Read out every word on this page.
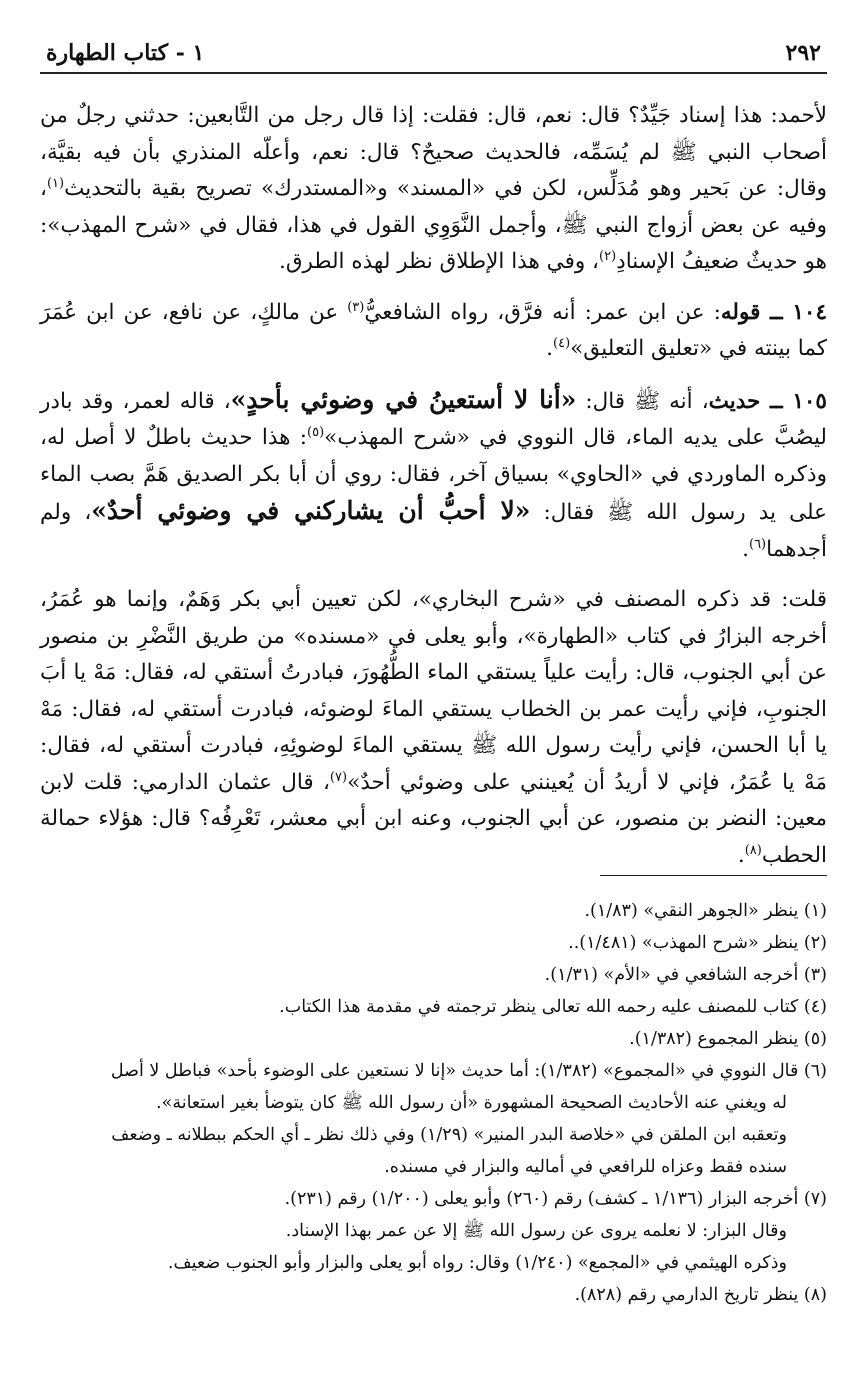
٢٩٢
١ - كتاب الطهارة

لأحمد: هذا إسناد جَيِّدٌ؟ قال: نعم، قال: فقلت: إذا قال رجل من التَّابعين: حدثني رجلٌ من أصحاب النبي ﷺ لم يُسَمِّه، فالحديث صحيحٌ؟ قال: نعم، وأعلّه المنذري بأن فيه بقيَّة، وقال: عن بَحير وهو مُدَلِّس، لكن في «المسند» و«المستدرك» تصريح بقية بالتحديث$^{(١)}$، وفيه عن بعض أزواج النبي ﷺ، وأجمل النَّوَوِي القول في هذا، فقال في «شرح المهذب»: هو حديثٌ ضعيفُ الإسنادِ$^{(٢)}$، وفي هذا الإطلاق نظر لهذه الطرق.

١٠٤ ــ قوله: عن ابن عمر: أنه فرَّق، رواه الشافعيُّ$^{(٣)}$ عن مالكٍ، عن نافع، عن ابن عُمَرَ كما بينته في «تعليق التعليق»$^{(٤)}$.

١٠٥ ــ حديث، أنه ﷺ قال: «أنا لا أستعينُ في وضوئي بأحدٍ»، قاله لعمر، وقد بادر ليصُبَّ على يديه الماء، قال النووي في «شرح المهذب»$^{(٥)}$: هذا حديث باطلٌ لا أصل له، وذكره الماوردي في «الحاوي» بسياق آخر، فقال: روي أن أبا بكر الصديق هَمَّ بصب الماء على يد رسول الله ﷺ فقال: «لا أحبُّ أن يشاركني في وضوئي أحدٌ»، ولم أجدهما$^{(٦)}$.

قلت: قد ذكره المصنف في «شرح البخاري»، لكن تعيين أبي بكر وَهَمٌ، وإنما هو عُمَرُ، أخرجه البزارُ في كتاب «الطهارة»، وأبو يعلى في «مسنده» من طريق النَّضْرِ بن منصور عن أبي الجنوب، قال: رأيت علياً يستقي الماء الطُّهُورَ، فبادرتُ أستقي له، فقال: مَهْ يا أبَ الجنوبِ، فإني رأيت عمر بن الخطاب يستقي الماءَ لوضوئه، فبادرت أستقي له، فقال: مَهْ يا أبا الحسن، فإني رأيت رسول الله ﷺ يستقي الماءَ لوضوئِهِ، فبادرت أستقي له، فقال: مَهْ يا عُمَرُ، فإني لا أريدُ أن يُعينني على وضوئي أحدٌ»$^{(٧)}$، قال عثمان الدارمي: قلت لابن معين: النضر بن منصور، عن أبي الجنوب، وعنه ابن أبي معشر، تَعْرِفُه؟ قال: هؤلاء حمالة الحطب$^{(٨)}$.

(١) ينظر «الجوهر النقي» (١/٨٣).

(٢) ينظر «شرح المهذب» (١/٤٨١)..

(٣) أخرجه الشافعي في «الأم» (١/٣١).

(٤) كتاب للمصنف عليه رحمه الله تعالى ينظر ترجمته في مقدمة هذا الكتاب.

(٥) ينظر المجموع (١/٣٨٢).

(٦) قال النووي في «المجموع» (١/٣٨٢): أما حديث «إنا لا نستعين على الوضوء بأحد» فباطل لا أصل

له ويغني عنه الأحاديث الصحيحة المشهورة «أن رسول الله ﷺ كان يتوضأ بغير استعانة».

وتعقبه ابن الملقن في «خلاصة البدر المنير» (١/٢٩) وفي ذلك نظر ـ أي الحكم ببطلانه ـ وضعف

سنده فقط وعزاه للرافعي في أماليه والبزار في مسنده.

(٧) أخرجه البزار (١/١٣٦ ـ كشف) رقم (٢٦٠) وأبو يعلى (١/٢٠٠) رقم (٢٣١).

وقال البزار: لا نعلمه يروى عن رسول الله ﷺ إلا عن عمر بهذا الإسناد.

وذكره الهيثمي في «المجمع» (١/٢٤٠) وقال: رواه أبو يعلى والبزار وأبو الجنوب ضعيف.

(٨) ينظر تاريخ الدارمي رقم (٨٢٨).
